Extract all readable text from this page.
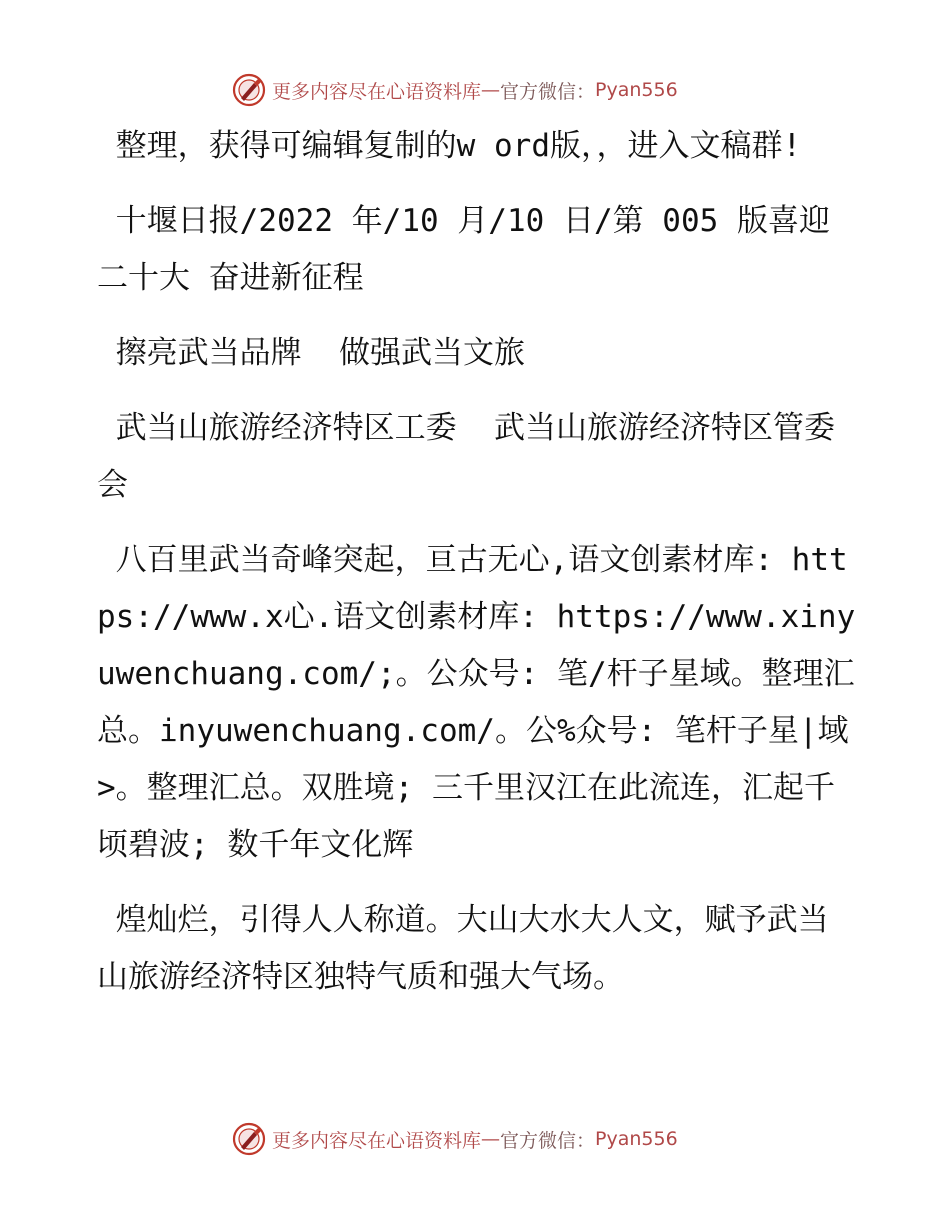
更多内容尽在心语资料库 — 官方微信： Pyan556

整理，获得可编辑复制的w ord版，，进入文稿群!

十堰日报/2022 年/10 月/10 日/第 005 版喜迎二十大 奋进新征程

擦亮武当品牌  做强武当文旅

武当山旅游经济特区工委  武当山旅游经济特区管委会

八百里武当奇峰突起，亘古无心,语文创素材库: https://www.x心.语文创素材库: https://www.xinyuwenchuang.com/;。公众号: 笔/杆子星域。整理汇总。inyuwenchuang.com/。公%众号: 笔杆子星|域>。整理汇总。双胜境; 三千里汉江在此流连，汇起千顷碧波; 数千年文化辉

煌灿烂，引得人人称道。大山大水大人文，赋予武当山旅游经济特区独特气质和强大气场。

更多内容尽在心语资料库 — 官方微信： Pyan556
